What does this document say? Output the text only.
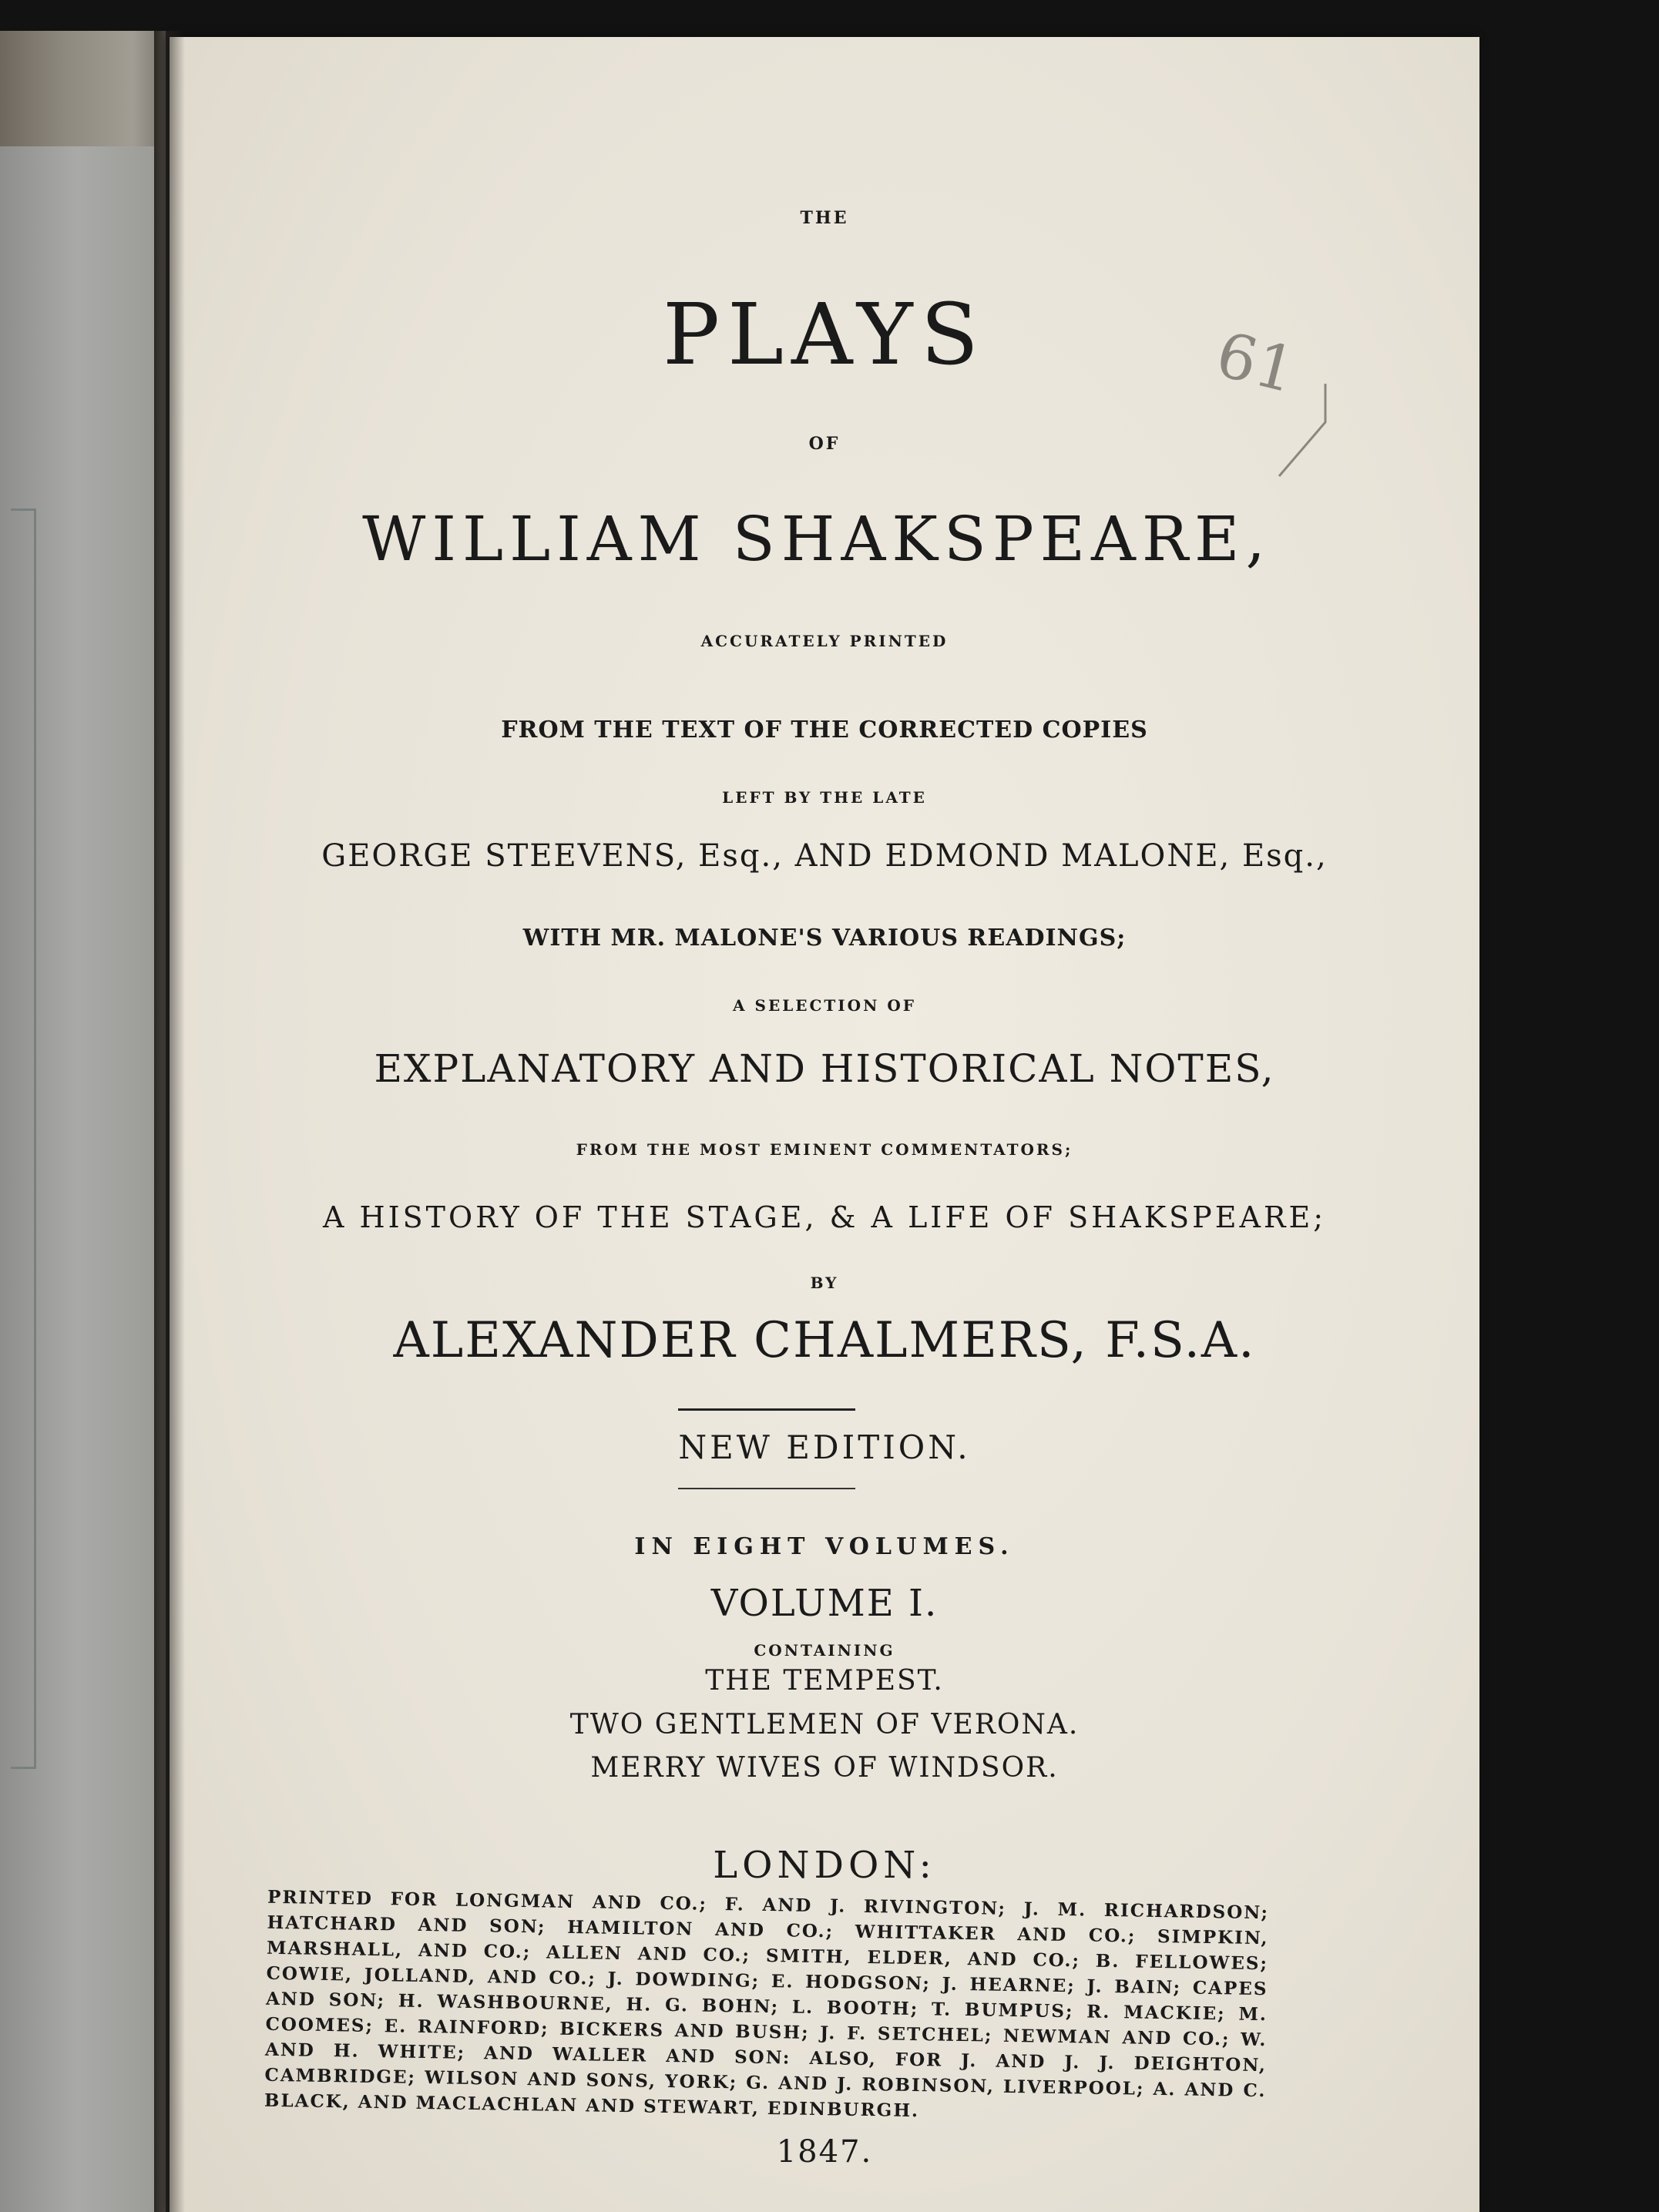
THE
PLAYS
OF
WILLIAM SHAKSPEARE,
ACCURATELY PRINTED
FROM THE TEXT OF THE CORRECTED COPIES
LEFT BY THE LATE
GEORGE STEEVENS, Esq., AND EDMOND MALONE, Esq.,
WITH MR. MALONE'S VARIOUS READINGS;
A SELECTION OF
EXPLANATORY AND HISTORICAL NOTES,
FROM THE MOST EMINENT COMMENTATORS;
A HISTORY OF THE STAGE, & A LIFE OF SHAKSPEARE;
BY
ALEXANDER CHALMERS, F.S.A.
NEW EDITION.
IN EIGHT VOLUMES.
VOLUME I.
CONTAINING
THE TEMPEST.
TWO GENTLEMEN OF VERONA.
MERRY WIVES OF WINDSOR.
LONDON:
PRINTED FOR LONGMAN AND CO.; F. AND J. RIVINGTON; J. M. RICHARDSON; HATCHARD AND SON; HAMILTON AND CO.; WHITTAKER AND CO.; SIMPKIN, MARSHALL, AND CO.; ALLEN AND CO.; SMITH, ELDER, AND CO.; B. FELLOWES; COWIE, JOLLAND, AND CO.; J. DOWDING; E. HODGSON; J. HEARNE; J. BAIN; CAPES AND SON; H. WASHBOURNE, H. G. BOHN; L. BOOTH; T. BUMPUS; R. MACKIE; M. COOMES; E. RAINFORD; BICKERS AND BUSH; J. F. SETCHEL; NEWMAN AND CO.; W. AND H. WHITE; AND WALLER AND SON: ALSO, FOR J. AND J. J. DEIGHTON, CAMBRIDGE; WILSON AND SONS, YORK; G. AND J. ROBINSON, LIVERPOOL; A. AND C. BLACK, AND MACLACHLAN AND STEWART, EDINBURGH.
1847.
61
